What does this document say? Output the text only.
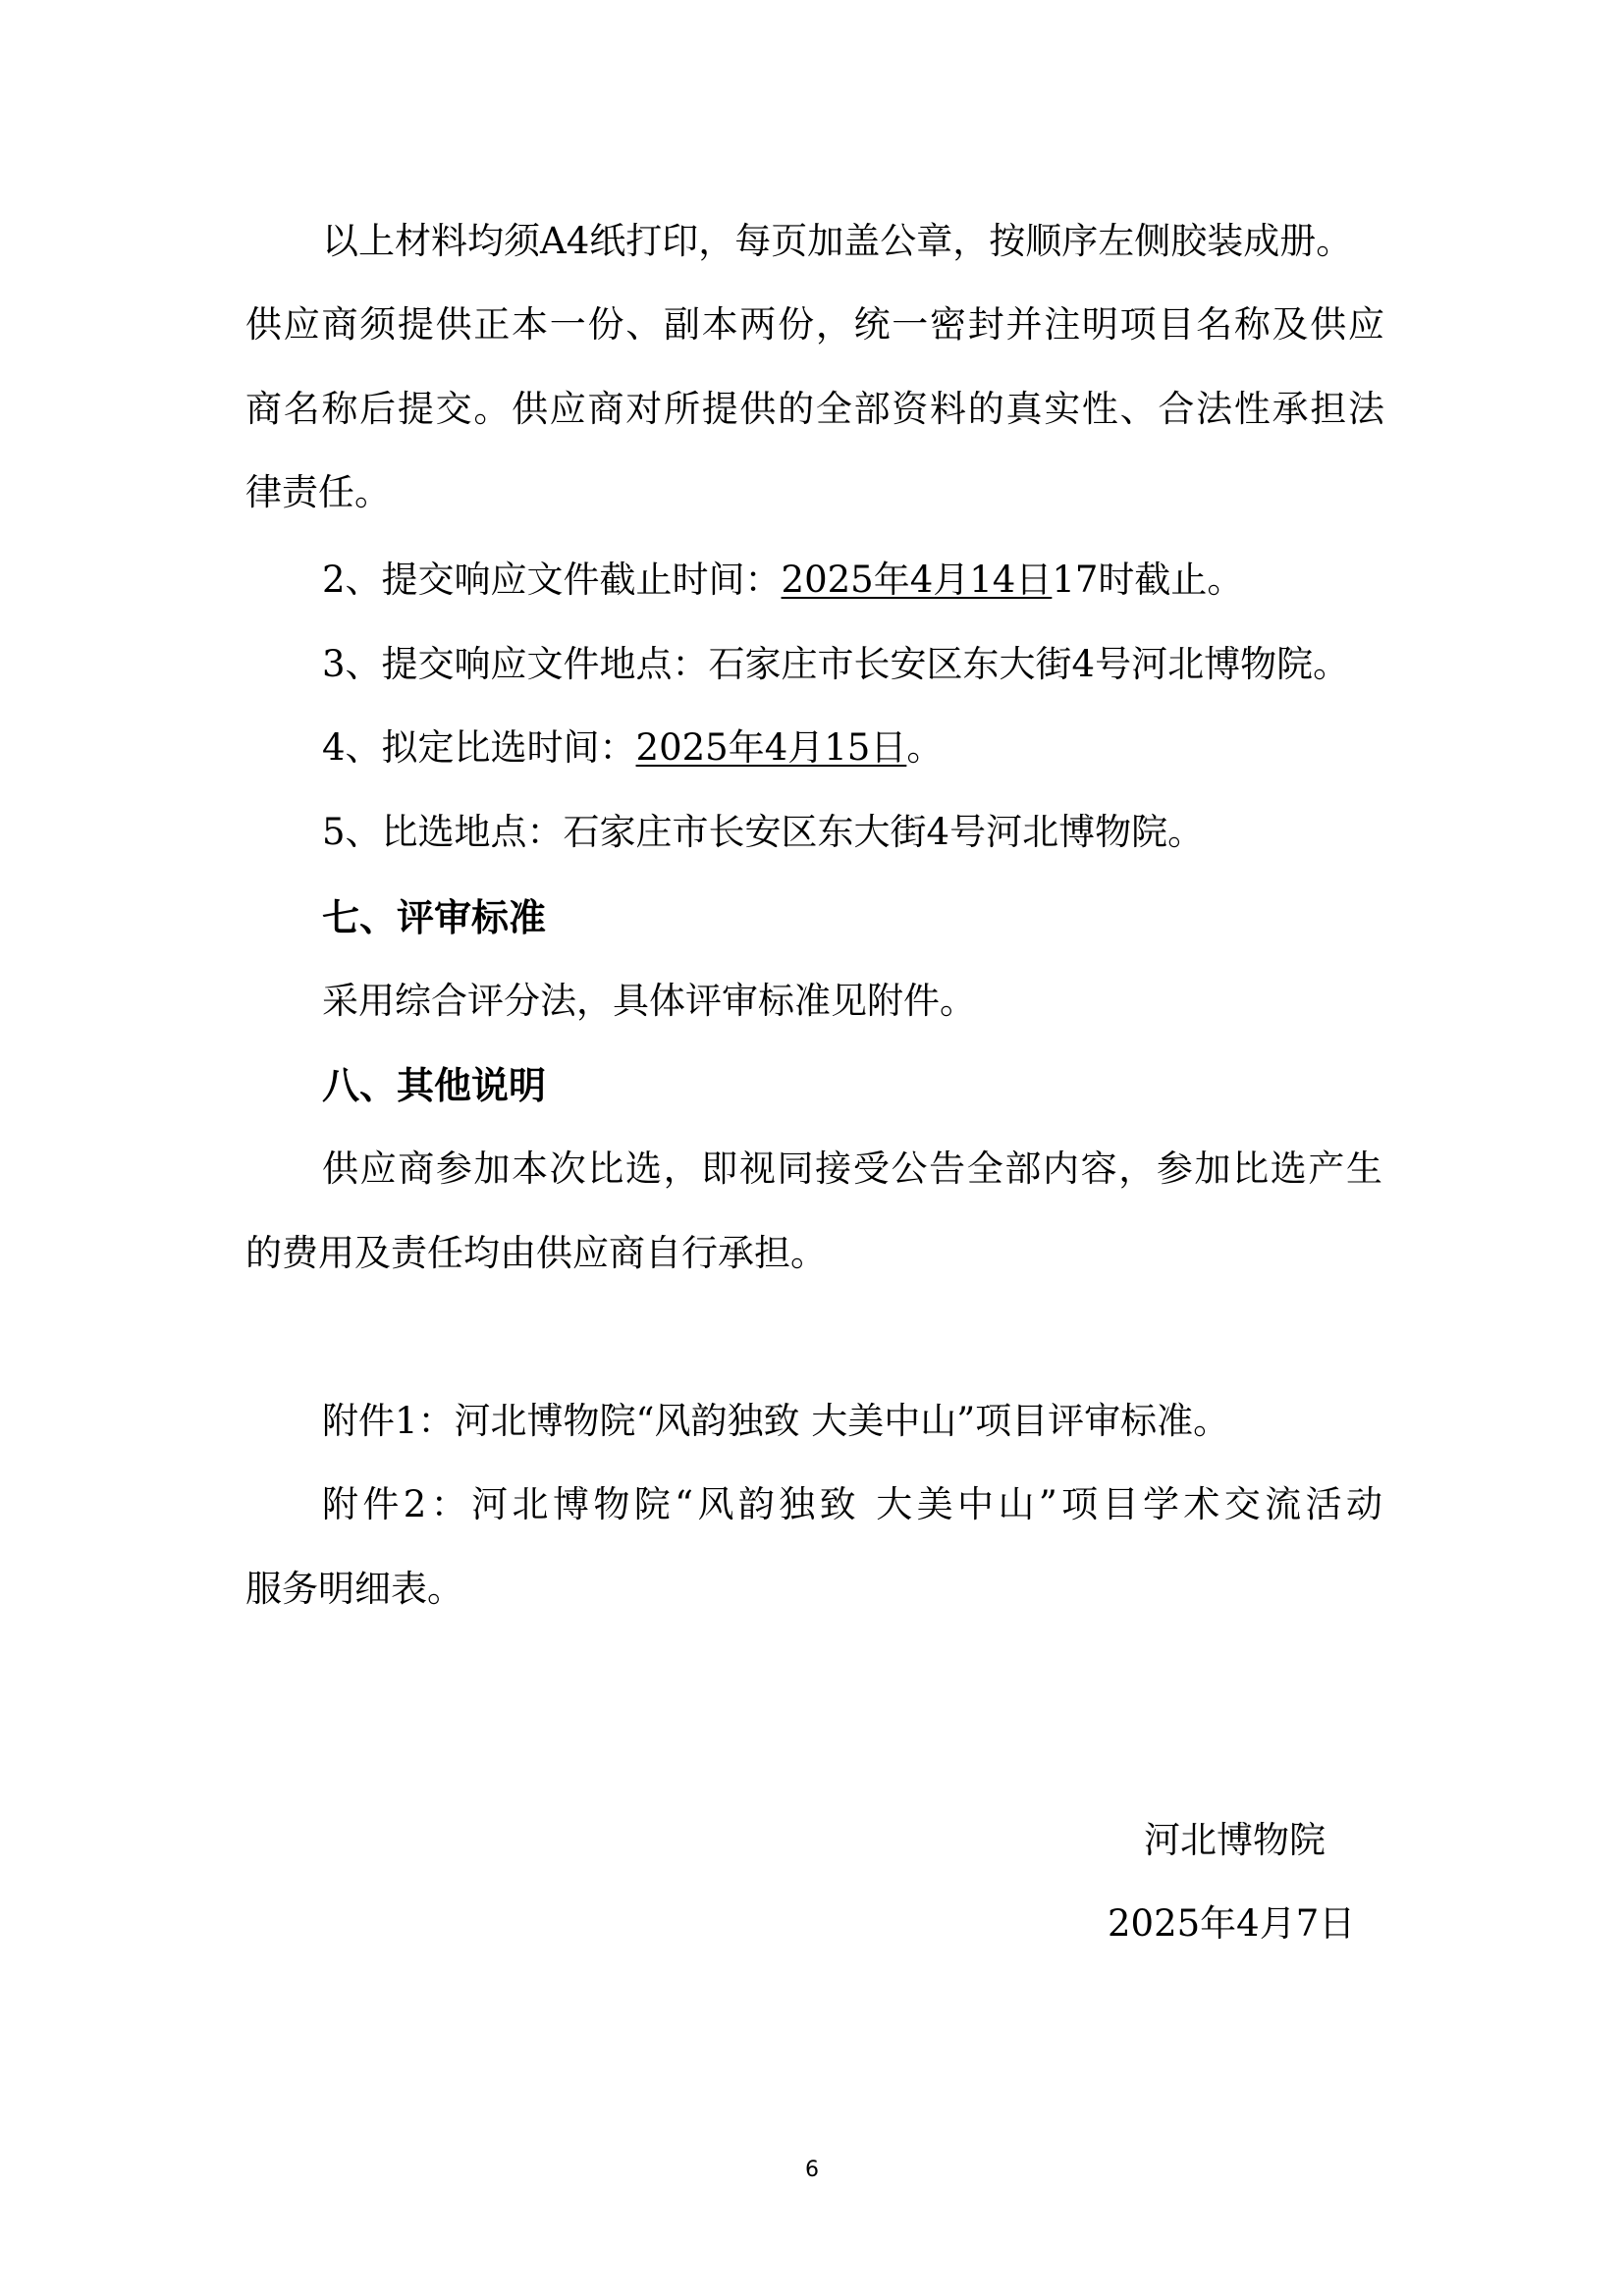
以上材料均须A4纸打印，每页加盖公章，按顺序左侧胶装成册。

供应商须提供正本一份、副本两份，统一密封并注明项目名称及供应

商名称后提交。供应商对所提供的全部资料的真实性、合法性承担法

律责任。

2、提交响应文件截止时间：2025年4月14日17时截止。

3、提交响应文件地点：石家庄市长安区东大街4号河北博物院。

4、拟定比选时间：2025年4月15日。

5、比选地点：石家庄市长安区东大街4号河北博物院。

七、评审标准

采用综合评分法，具体评审标准见附件。

八、其他说明

供应商参加本次比选，即视同接受公告全部内容，参加比选产生

的费用及责任均由供应商自行承担。

附件1：河北博物院“风韵独致 大美中山”项目评审标准。

附件2：河北博物院“风韵独致 大美中山”项目学术交流活动

服务明细表。

河北博物院
2025年4月7日
6
